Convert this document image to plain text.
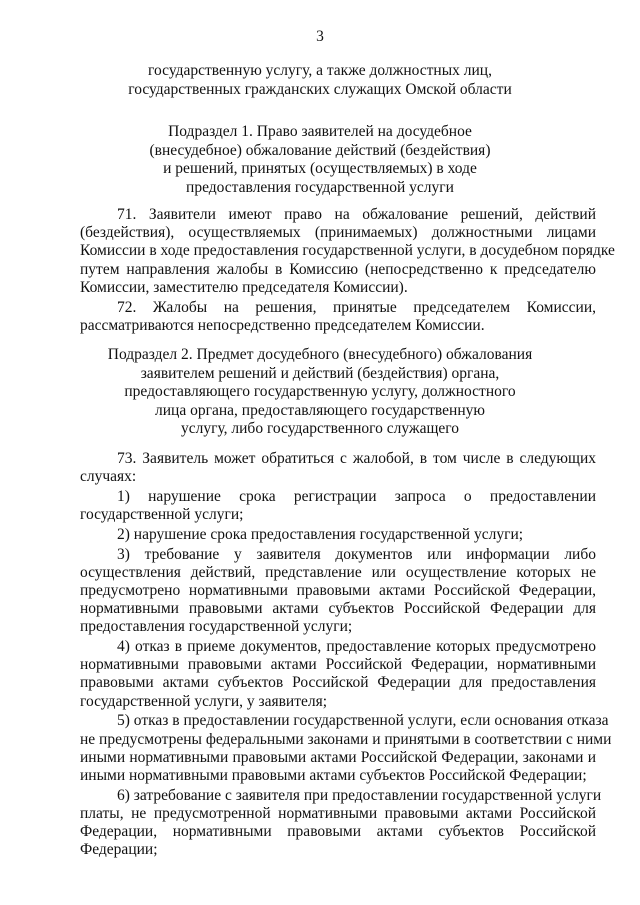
3
государственную услугу, а также должностных лиц,
государственных гражданских служащих Омской области
Подраздел 1. Право заявителей на досудебное
(внесудебное) обжалование действий (бездействия)
и решений, принятых (осуществляемых) в ходе
предоставления государственной услуги

71. Заявители имеют право на обжалование решений, действий
(бездействия), осуществляемых (принимаемых) должностными лицами
Комиссии в ходе предоставления государственной услуги, в досудебном порядке
путем направления жалобы в Комиссию (непосредственно к председателю
Комиссии, заместителю председателя Комиссии).

72. Жалобы на решения, принятые председателем Комиссии,
рассматриваются непосредственно председателем Комиссии.

Подраздел 2. Предмет досудебного (внесудебного) обжалования
заявителем решений и действий (бездействия) органа,
предоставляющего государственную услугу, должностного
лица органа, предоставляющего государственную
услугу, либо государственного служащего

73. Заявитель может обратиться с жалобой, в том числе в следующих
случаях:

1) нарушение срока регистрации запроса о предоставлении
государственной услуги;

2) нарушение срока предоставления государственной услуги;

3) требование у заявителя документов или информации либо
осуществления действий, представление или осуществление которых не
предусмотрено нормативными правовыми актами Российской Федерации,
нормативными правовыми актами субъектов Российской Федерации для
предоставления государственной услуги;

4) отказ в приеме документов, предоставление которых предусмотрено
нормативными правовыми актами Российской Федерации, нормативными
правовыми актами субъектов Российской Федерации для предоставления
государственной услуги, у заявителя;

5) отказ в предоставлении государственной услуги, если основания отказа
не предусмотрены федеральными законами и принятыми в соответствии с ними
иными нормативными правовыми актами Российской Федерации, законами и
иными нормативными правовыми актами субъектов Российской Федерации;

6) затребование с заявителя при предоставлении государственной услуги
платы, не предусмотренной нормативными правовыми актами Российской
Федерации, нормативными правовыми актами субъектов Российской
Федерации;
